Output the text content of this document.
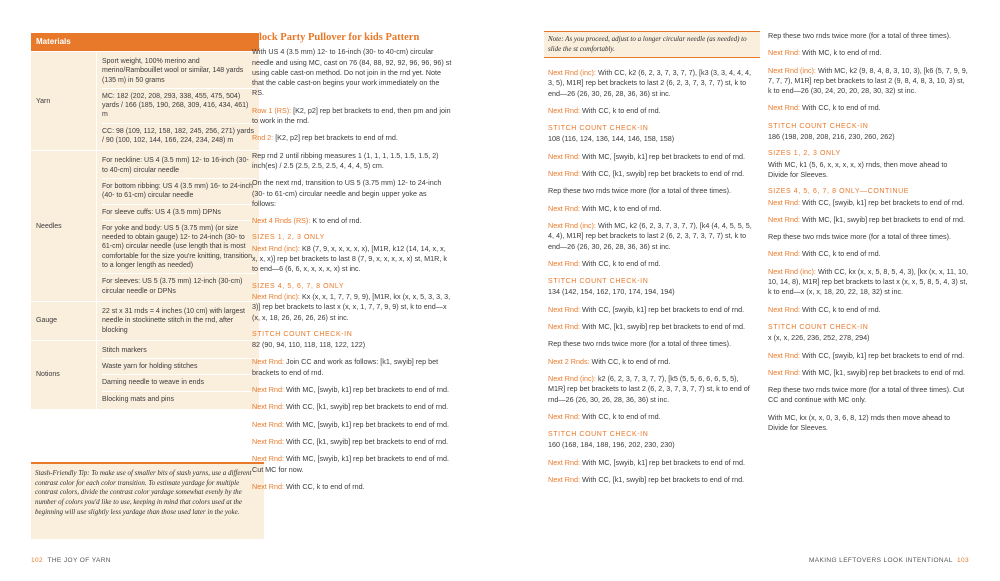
Materials
Yarn	Sport weight, 100% merino and merino/Rambouillet wool or similar, 148 yards (135 m) in 50 grams
MC: 182 (202, 208, 293, 338, 455, 475, 504) yards / 166 (185, 190, 268, 309, 416, 434, 461) m
CC: 98 (109, 112, 158, 182, 245, 256, 271) yards / 90 (100, 102, 144, 166, 224, 234, 248) m

Needles	For neckline: US 4 (3.5 mm) 12- to 16-inch (30- to 40-cm) circular needle
For bottom ribbing: US 4 (3.5 mm) 16- to 24-inch (40- to 61-cm) circular needle
For sleeve cuffs: US 4 (3.5 mm) DPNs
For yoke and body: US 5 (3.75 mm) (or size needed to obtain gauge) 12- to 24-inch (30- to 61-cm) circular needle (use length that is most comfortable for the size you're knitting, transition to a longer length as needed)
For sleeves: US 5 (3.75 mm) 12-inch (30-cm) circular needle or DPNs

Gauge	22 st x 31 rnds = 4 inches (10 cm) with largest needle in stockinette stitch in the rnd, after blocking

Notions	Stitch markers
Waste yarn for holding stitches
Darning needle to weave in ends
Blocking mats and pins
Stash-Friendly Tip: To make use of smaller bits of stash yarns, use a different contrast color for each color transition. To estimate yardage for multiple contrast colors, divide the contrast color yardage somewhat evenly by the number of colors you'd like to use, keeping in mind that colors used at the beginning will use slightly less yardage than those used later in the yoke.
Block Party Pullover for kids Pattern

With US 4 (3.5 mm) 12- to 16-inch (30- to 40-cm) circular needle and using MC, cast on 76 (84, 88, 92, 92, 96, 96, 96) st using cable cast-on method. Do not join in the rnd yet. Note that the cable cast-on begins your work immediately on the RS.

Row 1 (RS): [K2, p2] rep bet brackets to end, then pm and join to work in the rnd.

Rnd 2: [K2, p2] rep bet brackets to end of rnd.

Rep rnd 2 until ribbing measures 1 (1, 1, 1, 1.5, 1.5, 1.5, 2) inch(es) / 2.5 (2.5, 2.5, 2.5, 4, 4, 4, 5) cm.

On the next rnd, transition to US 5 (3.75 mm) 12- to 24-inch (30- to 61-cm) circular needle and begin upper yoke as follows:

Next 4 Rnds (RS): K to end of rnd.

SIZES 1, 2, 3 ONLY

Next Rnd (inc): K8 (7, 9, x, x, x, x, x), [M1R, k12 (14, 14, x, x, x, x, x)] rep bet brackets to last 8 (7, 9, x, x, x, x, x) st, M1R, k to end—6 (6, 6, x, x, x, x, x) st inc.

SIZES 4, 5, 6, 7, 8 ONLY

Next Rnd (inc): Kx (x, x, 1, 7, 7, 9, 9), [M1R, kx (x, x, 5, 3, 3, 3, 3)] rep bet brackets to last x (x, x, 1, 7, 7, 9, 9) st, k to end—x (x, x, 18, 26, 26, 26, 26) st inc.

STITCH COUNT CHECK-IN

82 (90, 94, 110, 118, 118, 122, 122)

Next Rnd: Join CC and work as follows: [k1, swyib] rep bet brackets to end of rnd.

Next Rnd: With MC, [swyib, k1] rep bet brackets to end of rnd.

Next Rnd: With CC, [k1, swyib] rep bet brackets to end of rnd.

Next Rnd: With MC, [swyib, k1] rep bet brackets to end of rnd.

Next Rnd: With CC, [k1, swyib] rep bet brackets to end of rnd.

Next Rnd: With MC, [swyib, k1] rep bet brackets to end of rnd. Cut MC for now.

Next Rnd: With CC, k to end of rnd.

Note: As you proceed, adjust to a longer circular needle (as needed) to slide the st comfortably.

Next Rnd (inc): With CC, k2 (6, 2, 3, 7, 3, 7, 7), [k3 (3, 3, 4, 4, 4, 3, 5), M1R] rep bet brackets to last 2 (6, 2, 3, 7, 3, 7, 7) st, k to end—26 (26, 30, 26, 28, 36, 36) st inc.

Next Rnd: With CC, k to end of rnd.

STITCH COUNT CHECK-IN

108 (116, 124, 136, 144, 146, 158, 158)

Next Rnd: With MC, [swyib, k1] rep bet brackets to end of rnd.

Next Rnd: With CC, [k1, swyib] rep bet brackets to end of rnd.

Rep these two rnds twice more (for a total of three times).

Next Rnd: With MC, k to end of rnd.

Next Rnd (inc): With MC, k2 (6, 2, 3, 7, 3, 7, 7), [k4 (4, 4, 5, 5, 5, 4, 4), M1R] rep bet brackets to last 2 (6, 2, 3, 7, 3, 7, 7) st, k to end—26 (26, 30, 26, 28, 36, 36) st inc.

Next Rnd: With CC, k to end of rnd.

STITCH COUNT CHECK-IN

134 (142, 154, 162, 170, 174, 194, 194)

Next Rnd: With CC, [swyib, k1] rep bet brackets to end of rnd.

Next Rnd: With MC, [k1, swyib] rep bet brackets to end of rnd.

Rep these two rnds twice more (for a total of three times).

Next 2 Rnds: With CC, k to end of rnd.

Next Rnd (inc): k2 (6, 2, 3, 7, 3, 7, 7), [k5 (5, 5, 6, 6, 6, 5, 5), M1R] rep bet brackets to last 2 (6, 2, 3, 7, 3, 7, 7) st, k to end of rnd—26 (26, 30, 26, 28, 36, 36) st inc.

Next Rnd: With CC, k to end of rnd.

STITCH COUNT CHECK-IN

160 (168, 184, 188, 196, 202, 230, 230)

Next Rnd: With MC, [swyib, k1] rep bet brackets to end of rnd.

Next Rnd: With CC, [k1, swyib] rep bet brackets to end of rnd.

Rep these two rnds twice more (for a total of three times).

Next Rnd: With MC, k to end of rnd.

Next Rnd (inc): With MC, k2 (9, 8, 4, 8, 3, 10, 3), [k6 (5, 7, 9, 9, 7, 7, 7), M1R] rep bet brackets to last 2 (9, 8, 4, 8, 3, 10, 3) st, k to end—26 (30, 24, 20, 20, 28, 30, 32) st inc.

Next Rnd: With CC, k to end of rnd.

STITCH COUNT CHECK-IN

186 (198, 208, 208, 216, 230, 260, 262)

SIZES 1, 2, 3 ONLY

With MC, k1 (5, 6, x, x, x, x, x) rnds, then move ahead to Divide for Sleeves.

SIZES 4, 5, 6, 7, 8 ONLY—CONTINUE

Next Rnd: With CC, [swyib, k1] rep bet brackets to end of rnd.

Next Rnd: With MC, [k1, swyib] rep bet brackets to end of rnd.

Rep these two rnds twice more (for a total of three times).

Next Rnd: With CC, k to end of rnd.

Next Rnd (inc): With CC, kx (x, x, 5, 8, 5, 4, 3), [kx (x, x, 11, 10, 10, 14, 8), M1R] rep bet brackets to last x (x, x, 5, 8, 5, 4, 3) st, k to end—x (x, x, 18, 20, 22, 18, 32) st inc.

Next Rnd: With CC, k to end of rnd.

STITCH COUNT CHECK-IN

x (x, x, 226, 236, 252, 278, 294)

Next Rnd: With CC, [swyib, k1] rep bet brackets to end of rnd.

Next Rnd: With MC, [k1, swyib] rep bet brackets to end of rnd.

Rep these two rnds twice more (for a total of three times). Cut CC and continue with MC only.

With MC, kx (x, x, 0, 3, 6, 8, 12) rnds then move ahead to Divide for Sleeves.

102 THE JOY OF YARN	MAKING LEFTOVERS LOOK INTENTIONAL 103
